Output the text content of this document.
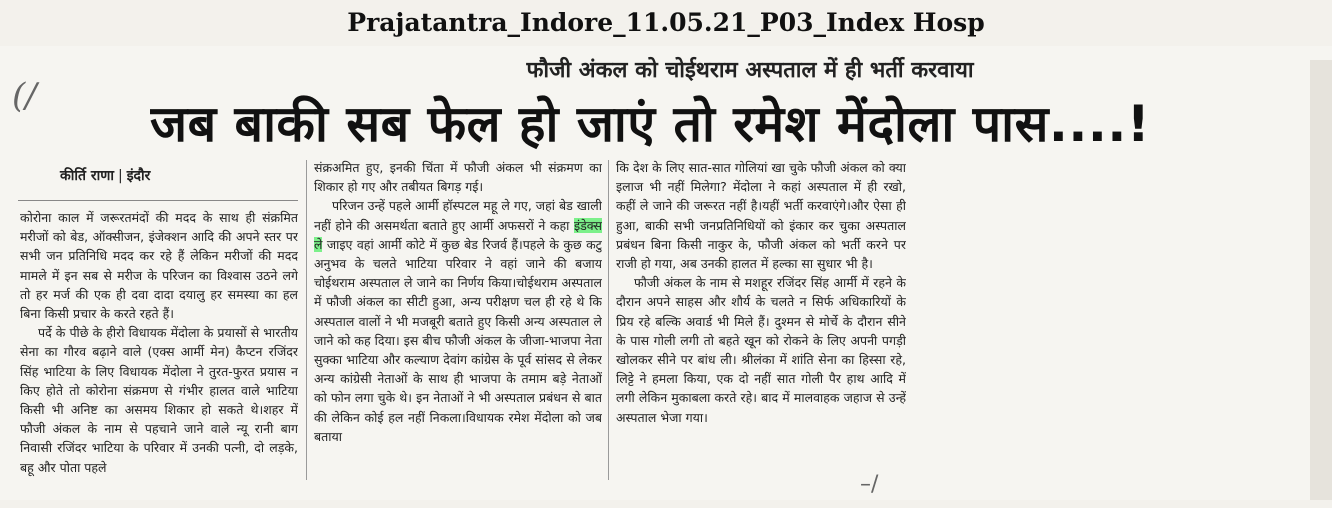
Prajatantra_Indore_11.05.21_P03_Index Hosp
(/
फौजी अंकल को चोईथराम अस्पताल में ही भर्ती करवाया
जब बाकी सब फेल हो जाएं तो रमेश मेंदोला पास....!
कीर्ति राणा | इंदौर

कोरोना काल में जरूरतमंदों की मदद के साथ ही संक्रमित मरीजों को बेड, ऑक्सीजन, इंजेक्शन आदि की अपने स्तर पर सभी जन प्रतिनिधि मदद कर रहे हैं लेकिन मरीजों की मदद मामले में इन सब से मरीज के परिजन का विश्वास उठने लगे तो हर मर्ज की एक ही दवा दादा दयालु हर समस्या का हल बिना किसी प्रचार के करते रहते हैं।

पर्दे के पीछे के हीरो विधायक मेंदोला के प्रयासों से भारतीय सेना का गौरव बढ़ाने वाले (एक्स आर्मी मेन) कैप्टन रजिंदर सिंह भाटिया के लिए विधायक मेंदोला ने तुरत-फुरत प्रयास न किए होते तो कोरोना संक्रमण से गंभीर हालत वाले भाटिया किसी भी अनिष्ट का असमय शिकार हो सकते थे।शहर में फौजी अंकल के नाम से पहचाने जाने वाले न्यू रानी बाग निवासी रजिंदर भाटिया के परिवार में उनकी पत्नी, दो लड़के, बहू और पोता पहले

संक्रअमित हुए, इनकी चिंता में फौजी अंकल भी संक्रमण का शिकार हो गए और तबीयत बिगड़ गई।

परिजन उन्हें पहले आर्मी हॉस्पटल महू ले गए, जहां बेड खाली नहीं होने की असमर्थता बताते हुए आर्मी अफसरों ने कहा इंडेक्स ले जाइए वहां आर्मी कोटे में कुछ बेड रिजर्व हैं।पहले के कुछ कटु अनुभव के चलते भाटिया परिवार ने वहां जाने की बजाय चोईथराम अस्पताल ले जाने का निर्णय किया।चोईथराम अस्पताल में फौजी अंकल का सीटी हुआ, अन्य परीक्षण चल ही रहे थे कि अस्पताल वालों ने भी मजबूरी बताते हुए किसी अन्य अस्पताल ले जाने को कह दिया। इस बीच फौजी अंकल के जीजा-भाजपा नेता सुक्का भाटिया और कल्याण देवांग कांग्रेस के पूर्व सांसद से लेकर अन्य कांग्रेसी नेताओं के साथ ही भाजपा के तमाम बड़े नेताओं को फोन लगा चुके थे। इन नेताओं ने भी अस्पताल प्रबंधन से बात की लेकिन कोई हल नहीं निकला।विधायक रमेश मेंदोला को जब बताया

कि देश के लिए सात-सात गोलियां खा चुके फौजी अंकल को क्या इलाज भी नहीं मिलेगा? मेंदोला ने कहां अस्पताल में ही रखो, कहीं ले जाने की जरूरत नहीं है।यहीं भर्ती करवाएंगे।और ऐसा ही हुआ, बाकी सभी जनप्रतिनिधियों को इंकार कर चुका अस्पताल प्रबंधन बिना किसी नाकुर के, फौजी अंकल को भर्ती करने पर राजी हो गया, अब उनकी हालत में हल्का सा सुधार भी है।

फौजी अंकल के नाम से मशहूर रजिंदर सिंह आर्मी में रहने के दौरान अपने साहस और शौर्य के चलते न सिर्फ अधिकारियों के प्रिय रहे बल्कि अवार्ड भी मिले हैं। दुश्मन से मोर्चे के दौरान सीने के पास गोली लगी तो बहते खून को रोकने के लिए अपनी पगड़ी खोलकर सीने पर बांध ली। श्रीलंका में शांति सेना का हिस्सा रहे, लिट्टे ने हमला किया, एक दो नहीं सात गोली पैर हाथ आदि में लगी लेकिन मुकाबला करते रहे। बाद में मालवाहक जहाज से उन्हें अस्पताल भेजा गया।

–/
